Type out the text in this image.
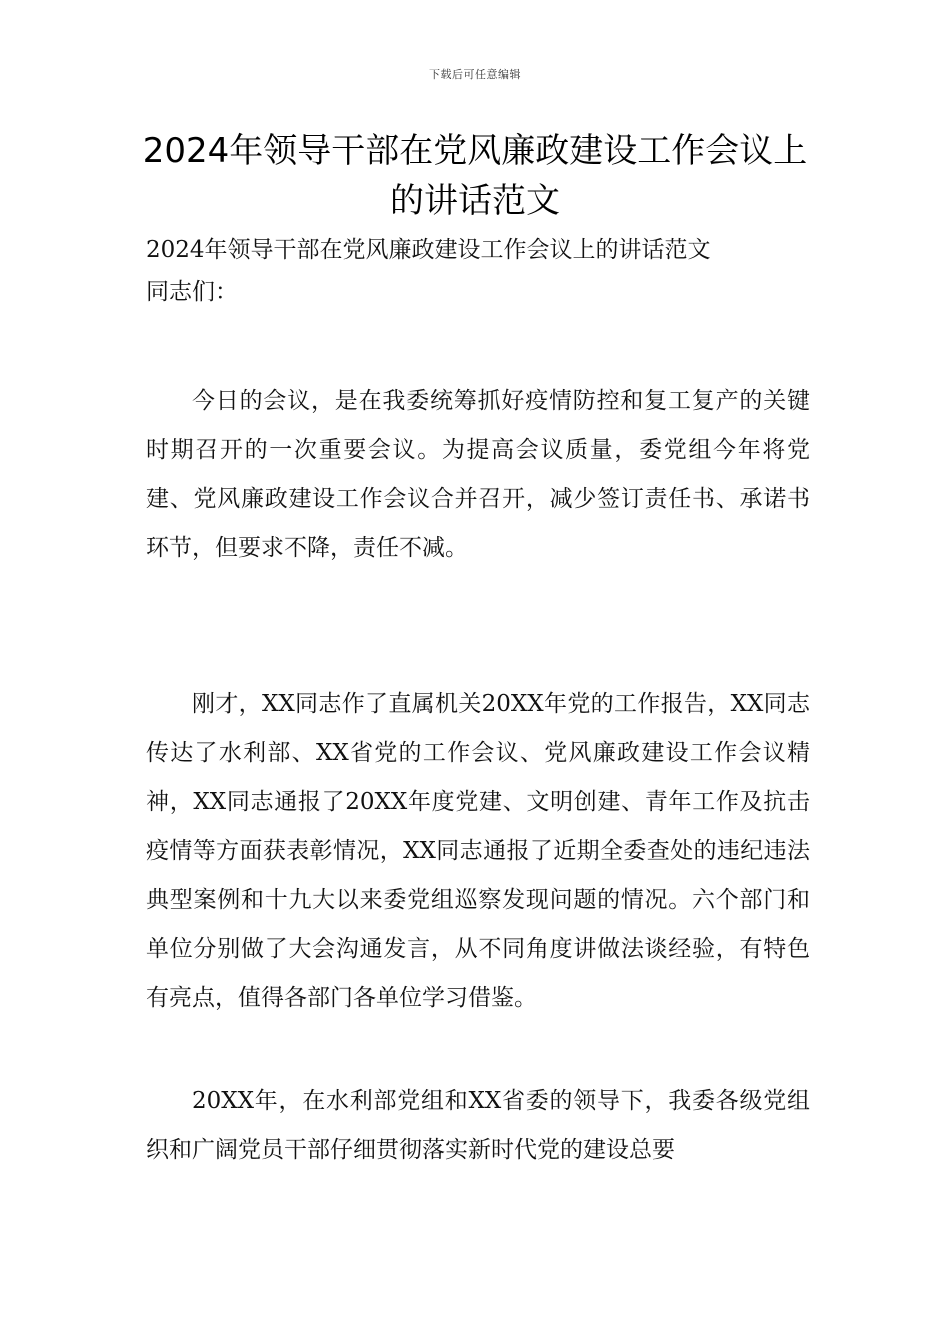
下载后可任意编辑
2024年领导干部在党风廉政建设工作会议上的讲话范文

2024年领导干部在党风廉政建设工作会议上的讲话范文

同志们：

今日的会议，是在我委统筹抓好疫情防控和复工复产的关键时期召开的一次重要会议。为提高会议质量，委党组今年将党建、党风廉政建设工作会议合并召开，减少签订责任书、承诺书环节，但要求不降，责任不减。

刚才，XX同志作了直属机关20XX年党的工作报告，XX同志传达了水利部、XX省党的工作会议、党风廉政建设工作会议精神，XX同志通报了20XX年度党建、文明创建、青年工作及抗击疫情等方面获表彰情况，XX同志通报了近期全委查处的违纪违法典型案例和十九大以来委党组巡察发现问题的情况。六个部门和单位分别做了大会沟通发言，从不同角度讲做法谈经验，有特色有亮点，值得各部门各单位学习借鉴。

20XX年，在水利部党组和XX省委的领导下，我委各级党组织和广阔党员干部仔细贯彻落实新时代党的建设总要
